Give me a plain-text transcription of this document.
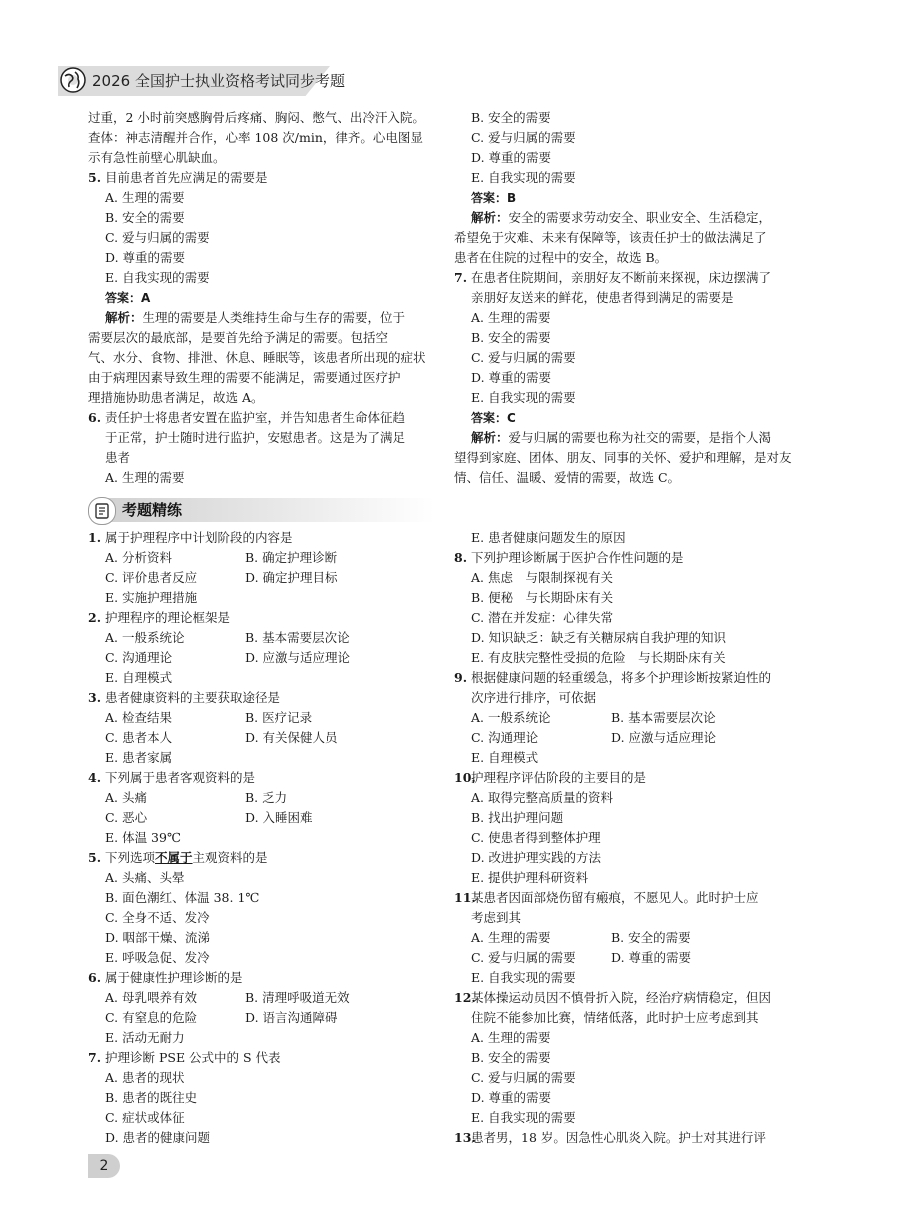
2026 全国护士执业资格考试同步考题

过重，2 小时前突感胸骨后疼痛、胸闷、憋气、出冷汗入院。

查体：神志清醒并合作，心率 108 次/min，律齐。心电图显

示有急性前壁心肌缺血。

5. 目前患者首先应满足的需要是

A. 生理的需要

B. 安全的需要

C. 爱与归属的需要

D. 尊重的需要

E. 自我实现的需要

答案：A

解析：生理的需要是人类维持生命与生存的需要，位于

需要层次的最底部，是要首先给予满足的需要。包括空

气、水分、食物、排泄、休息、睡眠等，该患者所出现的症状

由于病理因素导致生理的需要不能满足，需要通过医疗护

理措施协助患者满足，故选 A。

6. 责任护士将患者安置在监护室，并告知患者生命体征趋

于正常，护士随时进行监护，安慰患者。这是为了满足

患者

A. 生理的需要

B. 安全的需要

C. 爱与归属的需要

D. 尊重的需要

E. 自我实现的需要

答案：B

解析：安全的需要求劳动安全、职业安全、生活稳定，

希望免于灾难、未来有保障等，该责任护士的做法满足了

患者在住院的过程中的安全，故选 B。

7. 在患者住院期间，亲朋好友不断前来探视，床边摆满了

亲朋好友送来的鲜花，使患者得到满足的需要是

A. 生理的需要

B. 安全的需要

C. 爱与归属的需要

D. 尊重的需要

E. 自我实现的需要

答案：C

解析：爱与归属的需要也称为社交的需要，是指个人渴

望得到家庭、团体、朋友、同事的关怀、爱护和理解，是对友

情、信任、温暖、爱情的需要，故选 C。

考题精练

1. 属于护理程序中计划阶段的内容是

A. 分析资料	B. 确定护理诊断

C. 评价患者反应	D. 确定护理目标

E. 实施护理措施

2. 护理程序的理论框架是

A. 一般系统论	B. 基本需要层次论

C. 沟通理论	D. 应激与适应理论

E. 自理模式

3. 患者健康资料的主要获取途径是

A. 检查结果	B. 医疗记录

C. 患者本人	D. 有关保健人员

E. 患者家属

4. 下列属于患者客观资料的是

A. 头痛	B. 乏力

C. 恶心	D. 入睡困难

E. 体温 39℃

5. 下列选项不属于主观资料的是

A. 头痛、头晕

B. 面色潮红、体温 38. 1℃

C. 全身不适、发冷

D. 咽部干燥、流涕

E. 呼吸急促、发冷

6. 属于健康性护理诊断的是

A. 母乳喂养有效	B. 清理呼吸道无效

C. 有窒息的危险	D. 语言沟通障碍

E. 活动无耐力

7. 护理诊断 PSE 公式中的 S 代表

A. 患者的现状

B. 患者的既往史

C. 症状或体征

D. 患者的健康问题

E. 患者健康问题发生的原因

8. 下列护理诊断属于医护合作性问题的是

A. 焦虑　与限制探视有关

B. 便秘　与长期卧床有关

C. 潜在并发症：心律失常

D. 知识缺乏：缺乏有关糖尿病自我护理的知识

E. 有皮肤完整性受损的危险　与长期卧床有关

9. 根据健康问题的轻重缓急，将多个护理诊断按紧迫性的

次序进行排序，可依据

A. 一般系统论	B. 基本需要层次论

C. 沟通理论	D. 应激与适应理论

E. 自理模式

10.
护理程序评估阶段的主要目的是

A. 取得完整高质量的资料

B. 找出护理问题

C. 使患者得到整体护理

D. 改进护理实践的方法

E. 提供护理科研资料

11.
某患者因面部烧伤留有瘢痕，不愿见人。此时护士应

考虑到其

A. 生理的需要	B. 安全的需要

C. 爱与归属的需要	D. 尊重的需要

E. 自我实现的需要

12.
某体操运动员因不慎骨折入院，经治疗病情稳定，但因

住院不能参加比赛，情绪低落，此时护士应考虑到其

A. 生理的需要

B. 安全的需要

C. 爱与归属的需要

D. 尊重的需要

E. 自我实现的需要

13.
患者男，18 岁。因急性心肌炎入院。护士对其进行评

2
